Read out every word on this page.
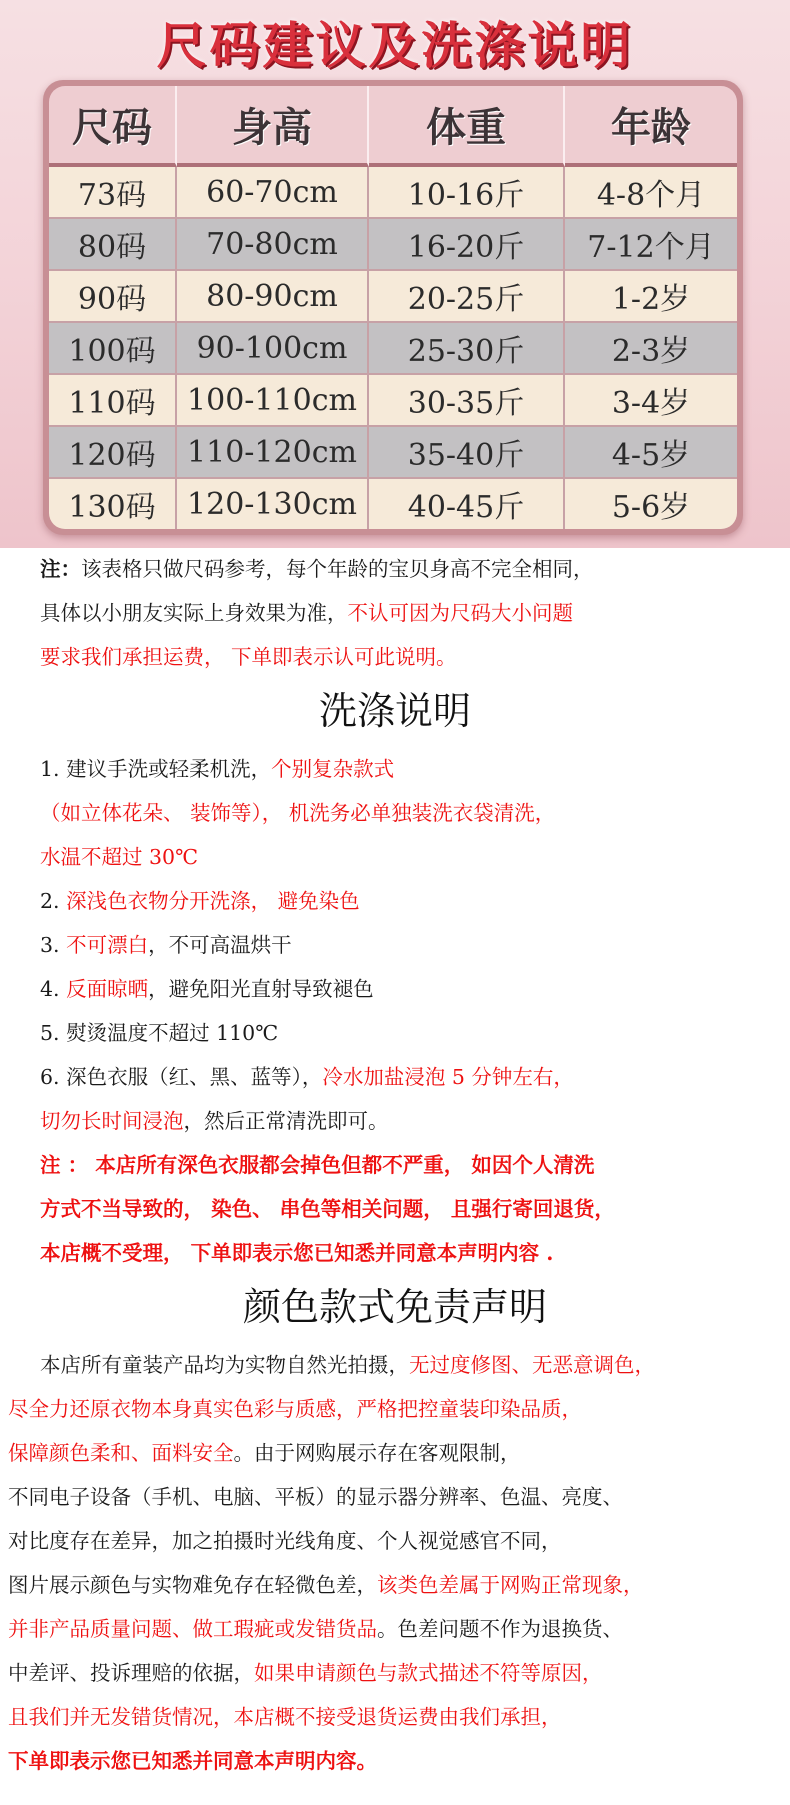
尺码建议及洗涤说明
尺码	身高	体重	年龄
73码	60-70cm	10-16斤	4-8个月
80码	70-80cm	16-20斤	7-12个月
90码	80-90cm	20-25斤	1-2岁
100码	90-100cm	25-30斤	2-3岁
110码	100-110cm	30-35斤	3-4岁
120码	110-120cm	35-40斤	4-5岁
130码	120-130cm	40-45斤	5-6岁
注：该表格只做尺码参考，每个年龄的宝贝身高不完全相同，
具体以小朋友实际上身效果为准，不认可因为尺码大小问题
要求我们承担运费， 下单即表示认可此说明。
洗涤说明
1. 建议手洗或轻柔机洗，个别复杂款式
（如立体花朵、 装饰等）， 机洗务必单独装洗衣袋清洗，
水温不超过 30℃
2. 深浅色衣物分开洗涤， 避免染色
3. 不可漂白，不可高温烘干
4. 反面晾晒，避免阳光直射导致褪色
5. 熨烫温度不超过 110℃
6. 深色衣服（红、黑、蓝等），冷水加盐浸泡 5 分钟左右，
切勿长时间浸泡，然后正常清洗即可。
注 ： 本店所有深色衣服都会掉色但都不严重， 如因个人清洗
方式不当导致的， 染色、 串色等相关问题， 且强行寄回退货，
本店概不受理， 下单即表示您已知悉并同意本声明内容 .
颜色款式免责声明
本店所有童装产品均为实物自然光拍摄，无过度修图、无恶意调色，
尽全力还原衣物本身真实色彩与质感，严格把控童装印染品质，
保障颜色柔和、面料安全。由于网购展示存在客观限制，
不同电子设备（手机、电脑、平板）的显示器分辨率、色温、亮度、
对比度存在差异，加之拍摄时光线角度、个人视觉感官不同，
图片展示颜色与实物难免存在轻微色差，该类色差属于网购正常现象，
并非产品质量问题、做工瑕疵或发错货品。色差问题不作为退换货、
中差评、投诉理赔的依据，如果申请颜色与款式描述不符等原因，
且我们并无发错货情况，本店概不接受退货运费由我们承担，
下单即表示您已知悉并同意本声明内容。
